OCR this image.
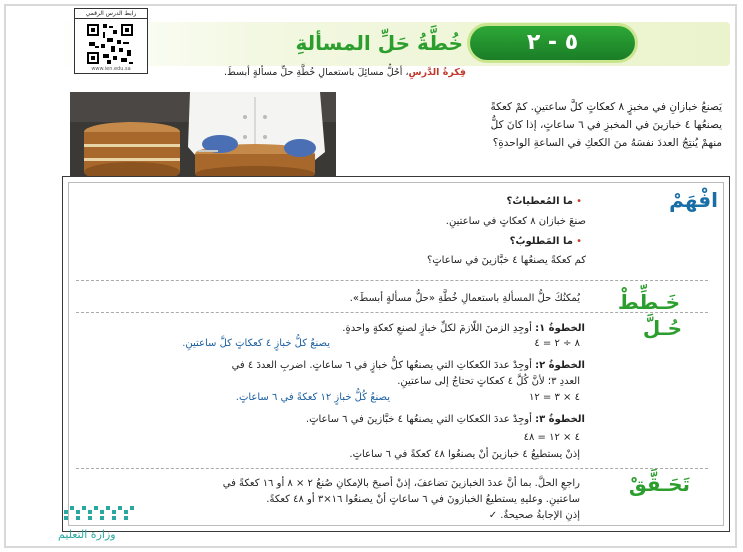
٥ - ٢
خُطَّةُ حَلِّ المسألةِ
فِكرةُ الدَّرسِ، أحُلُّ مسائِلَ باستعمالِ خُطَّةِ حلِّ مسألةٍ أبسطَ.
رابط الدرس الرقمي
www.ien.edu.sa
يَصنعُ خبازانِ في مخبزٍ ٨ كعكاتٍ كلَّ ساعتينِ. كمْ كعكةً
يصنعُها ٤ خبازينَ في المخبزِ في ٦ ساعاتٍ، إذا كانَ كلُّ
منهمْ يُنتِجُ العددَ نفسَهُ منَ الكعكِ في الساعةِ الواحدةِ؟
افْهَمْ
• ما المُعطياتُ؟
صنعَ خبازان ٨ كعكاتٍ في ساعتينِ.
• ما المَطلوبُ؟
كم كعكةً يصنعُها ٤ خبَّازينَ في ساعاتٍ؟
خَـطِّطْ
يُمكنُكَ حلُّ المسألةِ باستعمالِ خُطَّةِ «حلُّ مسألةٍ أبسطَ».
حُـلَّ
الخطوةُ ١: أوجِدِ الزمنَ اللّازمَ لكلِّ خبازٍ لصنعِ كعكةٍ واحدةٍ.
٨ ÷ ٢ = ٤
يصنعُ كلُّ خبازٍ ٤ كعكاتٍ كلَّ ساعتينِ.
الخطوةُ ٢: أوجِدْ عددَ الكعكاتِ التي يصنعُها كلُّ خبازٍ في ٦ ساعاتٍ. اضربِ العددَ ٤ في
العددِ ٣؛ لأنَّ كُلَّ ٤ كعكاتٍ تحتاجُ إلى ساعتينِ.
٤ × ٣ = ١٢
يصنعُ كُلُّ خبازٍ ١٢ كعكةً في ٦ ساعاتٍ.
الخطوةُ ٣: أوجِدْ عددَ الكعكاتِ التي يصنعُها ٤ خبَّازينَ في ٦ ساعاتٍ.
٤ × ١٢ = ٤٨
إذنْ يستطيعُ ٤ خبازينَ أنْ يصنعُوا ٤٨ كعكةً في ٦ ساعاتٍ.
تَحَـقَّقْ
راجعِ الحلَّ. بما أنَّ عددَ الخبازينَ تضاعفَ، إذنْ أصبحَ بالإمكانِ صُنعُ ٢ × ٨ أو ١٦ كعكةً في
ساعتينِ. وعليهِ يستطيعُ الخبازونَ في ٦ ساعاتٍ أنْ يصنعُوا ١٦×٣ أو ٤٨ كعكةً.
إذنِ الإجابةُ صحيحةٌ. ✓
وزارة التعليم
